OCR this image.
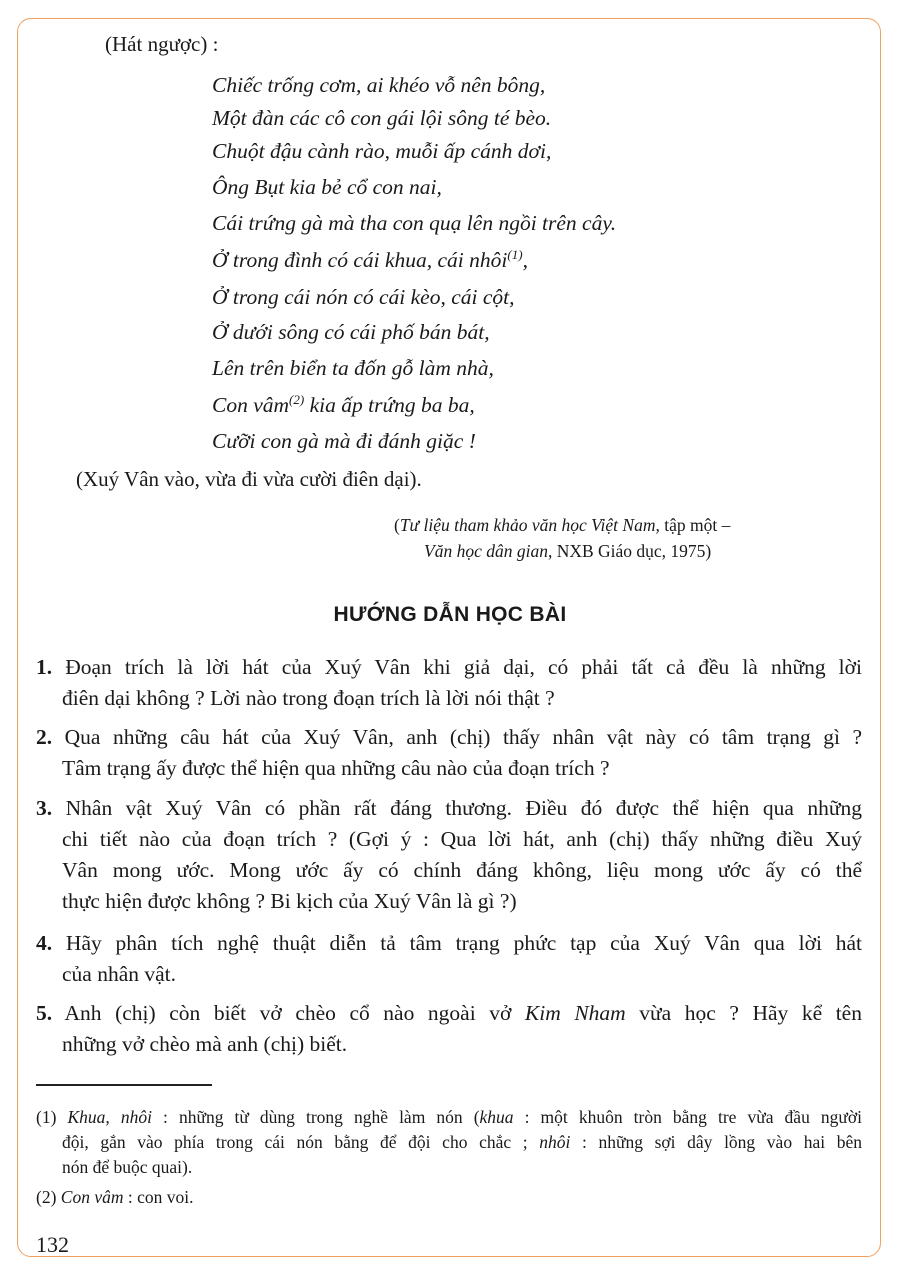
(Hát ngược) :
Chiếc trống cơm, ai khéo vỗ nên bông,
Một đàn các cô con gái lội sông té bèo.
Chuột đậu cành rào, muỗi ấp cánh dơi,
Ông Bụt kia bẻ cổ con nai,
Cái trứng gà mà tha con quạ lên ngồi trên cây.
Ở trong đình có cái khua, cái nhôi$^{(1)}$,
Ở trong cái nón có cái kèo, cái cột,
Ở dưới sông có cái phố bán bát,
Lên trên biển ta đốn gỗ làm nhà,
Con vâm$^{(2)}$ kia ấp trứng ba ba,
Cưỡi con gà mà đi đánh giặc !
(Xuý Vân vào, vừa đi vừa cười điên dại).
(Tư liệu tham khảo văn học Việt Nam, tập một –
Văn học dân gian, NXB Giáo dục, 1975)
HƯỚNG DẪN HỌC BÀI
1. Đoạn trích là lời hát của Xuý Vân khi giả dại, có phải tất cả đều là những lời
điên dại không ? Lời nào trong đoạn trích là lời nói thật ?
2. Qua những câu hát của Xuý Vân, anh (chị) thấy nhân vật này có tâm trạng gì ?
Tâm trạng ấy được thể hiện qua những câu nào của đoạn trích ?
3. Nhân vật Xuý Vân có phần rất đáng thương. Điều đó được thể hiện qua những
chi tiết nào của đoạn trích ? (Gợi ý : Qua lời hát, anh (chị) thấy những điều Xuý
Vân mong ước. Mong ước ấy có chính đáng không, liệu mong ước ấy có thể
thực hiện được không ? Bi kịch của Xuý Vân là gì ?)
4. Hãy phân tích nghệ thuật diễn tả tâm trạng phức tạp của Xuý Vân qua lời hát
của nhân vật.
5. Anh (chị) còn biết vở chèo cổ nào ngoài vở Kim Nham vừa học ? Hãy kể tên
những vở chèo mà anh (chị) biết.
(1) Khua, nhôi : những từ dùng trong nghề làm nón (khua : một khuôn tròn bằng tre vừa đầu người
đội, gắn vào phía trong cái nón bằng để đội cho chắc ; nhôi : những sợi dây lồng vào hai bên
nón để buộc quai).
(2) Con vâm : con voi.
132
